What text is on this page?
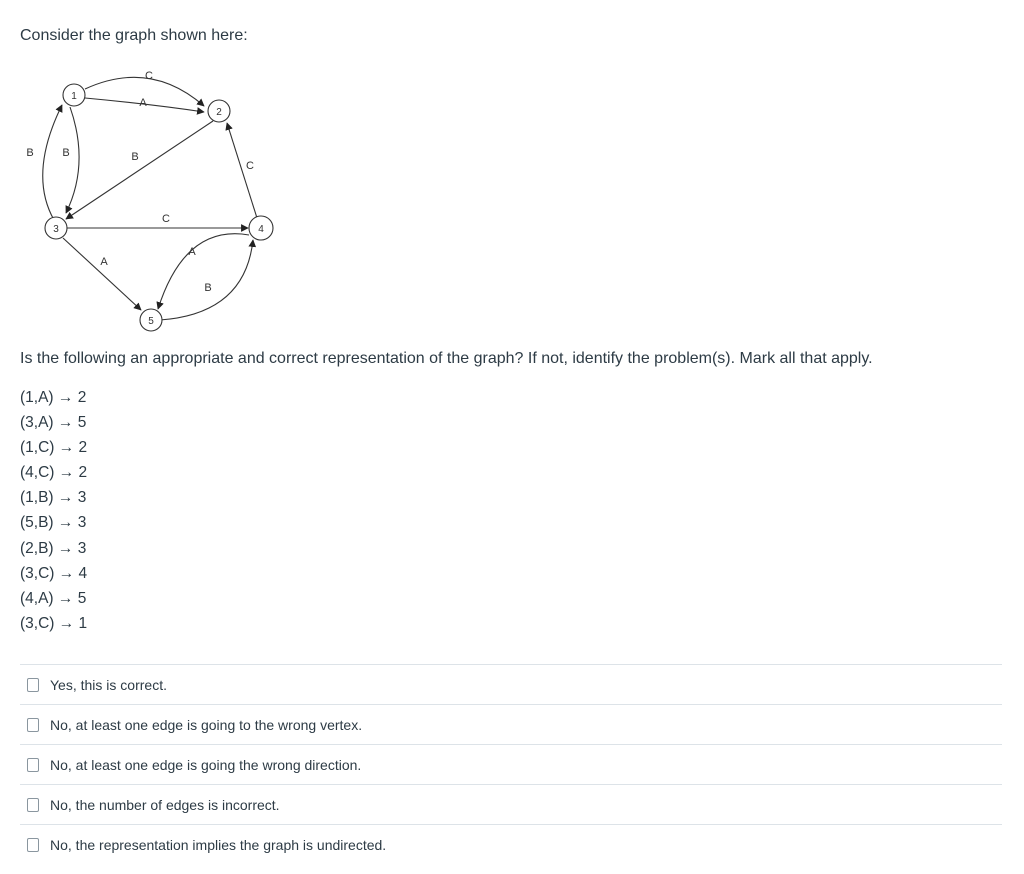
Consider the graph shown here:

C
A
B
C
C
A
A
B
B	B
1
2
3	4
5

Is the following an appropriate and correct representation of the graph? If not, identify the problem(s). Mark all that apply.

(1,A) → 2
(3,A) → 5
(1,C) → 2
(4,C) → 2
(1,B) → 3
(5,B) → 3
(2,B) → 3
(3,C) → 4
(4,A) → 5
(3,C) → 1
Yes, this is correct.
No, at least one edge is going to the wrong vertex.
No, at least one edge is going the wrong direction.
No, the number of edges is incorrect.
No, the representation implies the graph is undirected.
